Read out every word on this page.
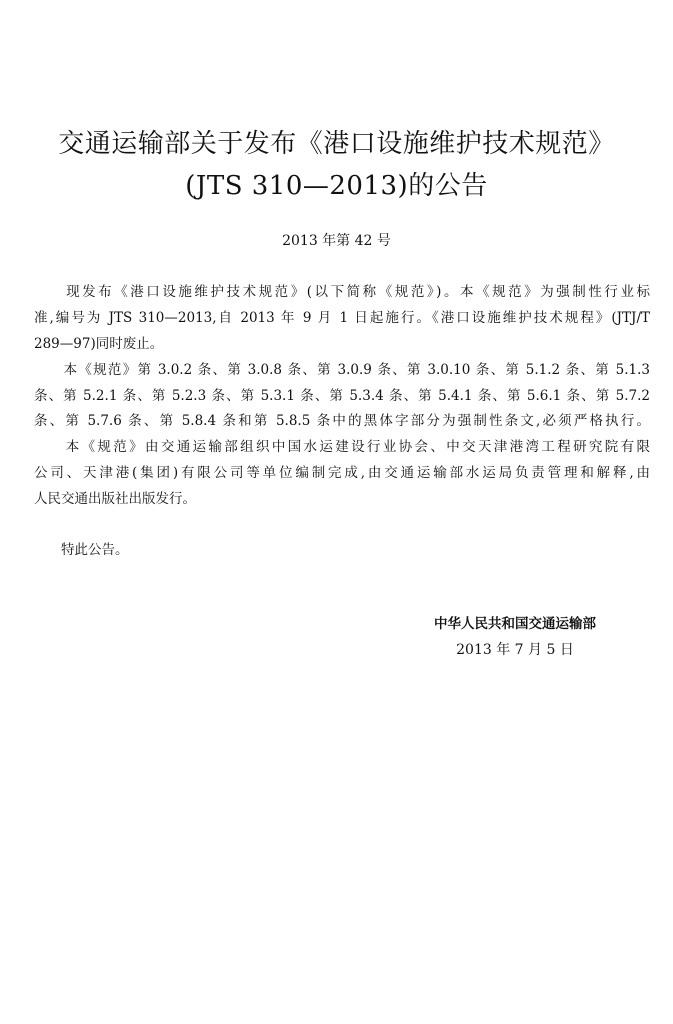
交通运输部关于发布《港口设施维护技术规范》
(JTS 310—2013)的公告
2013 年第 42 号
　　现发布《港口设施维护技术规范》(以下简称《规范》)。本《规范》为强制性行业标
准,编号为 JTS 310—2013,自 2013 年 9 月 1 日起施行。《港口设施维护技术规程》(JTJ/T
289—97)同时废止。
　　本《规范》第 3.0.2 条、第 3.0.8 条、第 3.0.9 条、第 3.0.10 条、第 5.1.2 条、第 5.1.3
条、第 5.2.1 条、第 5.2.3 条、第 5.3.1 条、第 5.3.4 条、第 5.4.1 条、第 5.6.1 条、第 5.7.2
条、第 5.7.6 条、第 5.8.4 条和第 5.8.5 条中的黑体字部分为强制性条文,必须严格执行。
　　本《规范》由交通运输部组织中国水运建设行业协会、中交天津港湾工程研究院有限
公司、天津港(集团)有限公司等单位编制完成,由交通运输部水运局负责管理和解释,由
人民交通出版社出版发行。
　　特此公告。
中华人民共和国交通运输部
2013 年 7 月 5 日
